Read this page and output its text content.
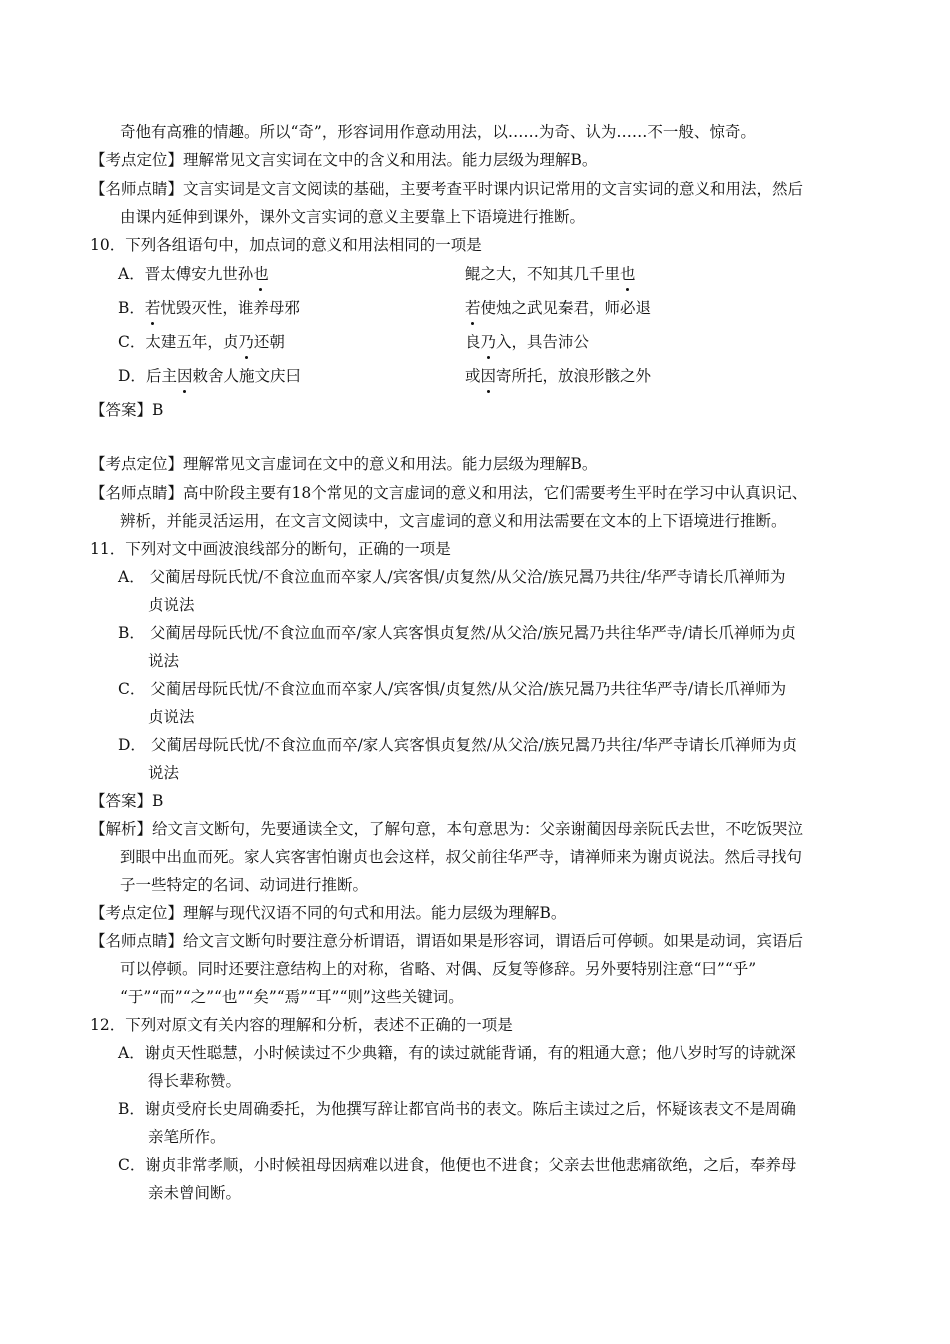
奇他有高雅的情趣。所以“奇”，形容词用作意动用法，以……为奇、认为……不一般、惊奇。
【考点定位】理解常见文言实词在文中的含义和用法。能力层级为理解B。
【名师点睛】文言实词是文言文阅读的基础，主要考查平时课内识记常用的文言实词的意义和用法，然后
由课内延伸到课外，课外文言实词的意义主要靠上下语境进行推断。
10．下列各组语句中，加点词的意义和用法相同的一项是
A．晋太傅安九世孙也	鲲之大，不知其几千里也
B．若忧毁灭性，谁养母邪	若使烛之武见秦君，师必退
C．太建五年，贞乃还朝	良乃入，具告沛公
D．后主因敕舍人施文庆曰	或因寄所托，放浪形骸之外
【答案】B
【考点定位】理解常见文言虚词在文中的意义和用法。能力层级为理解B。
【名师点睛】高中阶段主要有18个常见的文言虚词的意义和用法，它们需要考生平时在学习中认真识记、
辨析，并能灵活运用，在文言文阅读中，文言虚词的意义和用法需要在文本的上下语境进行推断。
11．下列对文中画波浪线部分的断句，正确的一项是
A． 父蔺居母阮氏忧/不食泣血而卒家人/宾客惧/贞复然/从父洽/族兄暠乃共往/华严寺请长爪禅师为
贞说法
B． 父蔺居母阮氏忧/不食泣血而卒/家人宾客惧贞复然/从父洽/族兄暠乃共往华严寺/请长爪禅师为贞
说法
C． 父蔺居母阮氏忧/不食泣血而卒家人/宾客惧/贞复然/从父洽/族兄暠乃共往华严寺/请长爪禅师为
贞说法
D． 父蔺居母阮氏忧/不食泣血而卒/家人宾客惧贞复然/从父洽/族兄暠乃共往/华严寺请长爪禅师为贞
说法
【答案】B
【解析】给文言文断句，先要通读全文，了解句意，本句意思为：父亲谢蔺因母亲阮氏去世，不吃饭哭泣
到眼中出血而死。家人宾客害怕谢贞也会这样，叔父前往华严寺，请禅师来为谢贞说法。然后寻找句
子一些特定的名词、动词进行推断。
【考点定位】理解与现代汉语不同的句式和用法。能力层级为理解B。
【名师点睛】给文言文断句时要注意分析谓语，谓语如果是形容词，谓语后可停顿。如果是动词，宾语后
可以停顿。同时还要注意结构上的对称，省略、对偶、反复等修辞。另外要特别注意“曰”“乎”
“于”“而”“之”“也”“矣”“焉”“耳”“则”这些关键词。
12．下列对原文有关内容的理解和分析，表述不正确的一项是
A．谢贞天性聪慧，小时候读过不少典籍，有的读过就能背诵，有的粗通大意；他八岁时写的诗就深
得长辈称赞。
B．谢贞受府长史周确委托，为他撰写辞让都官尚书的表文。陈后主读过之后，怀疑该表文不是周确
亲笔所作。
C．谢贞非常孝顺，小时候祖母因病难以进食，他便也不进食；父亲去世他悲痛欲绝，之后，奉养母
亲未曾间断。
